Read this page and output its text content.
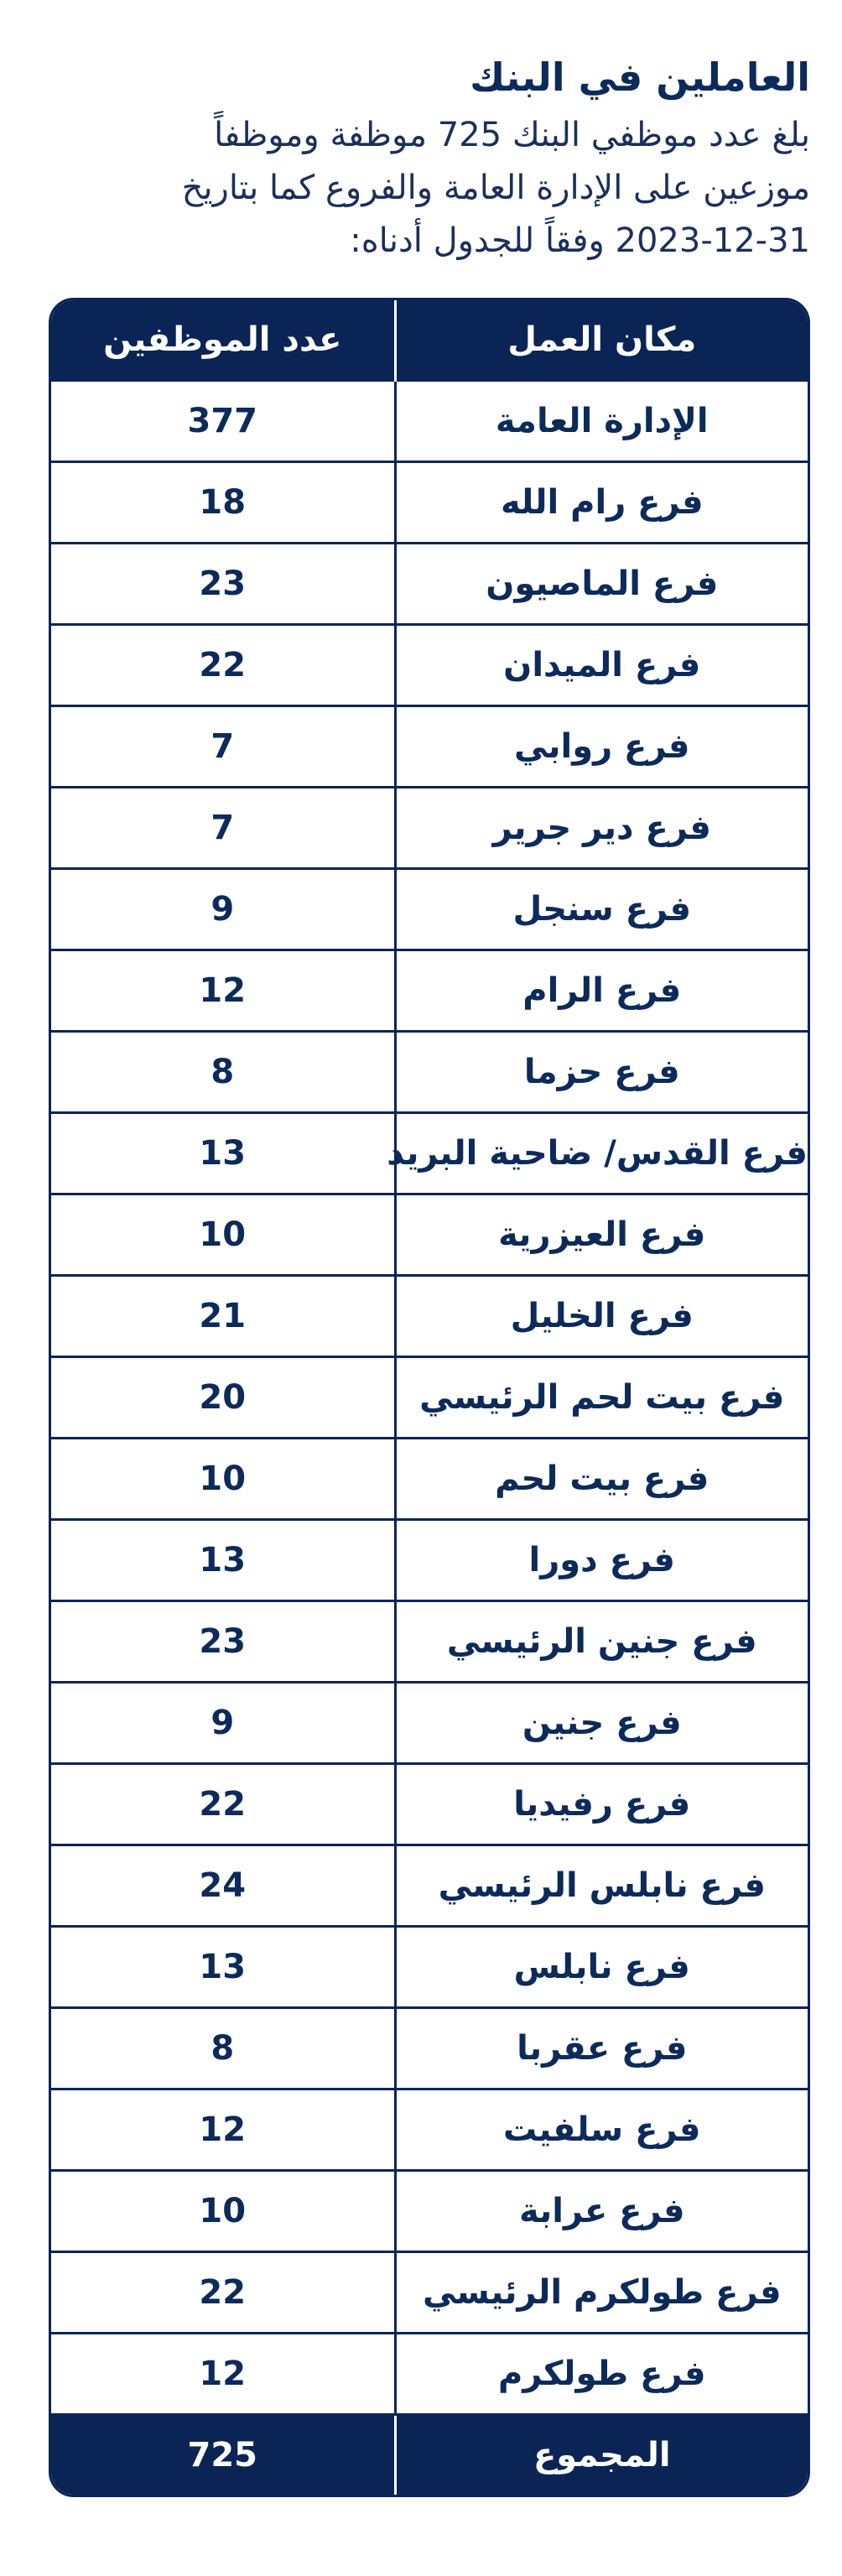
العاملين في البنك

بلغ عدد موظفي البنك 725 موظفة وموظفاً
موزعين على الإدارة العامة والفروع كما بتاريخ
2023-12-31 وفقاً للجدول أدناه:

مكان العمل	عدد الموظفين
الإدارة العامة	377
فرع رام الله	18
فرع الماصيون	23
فرع الميدان	22
فرع روابي	7
فرع دير جرير	7
فرع سنجل	9
فرع الرام	12
فرع حزما	8
فرع القدس/ ضاحية البريد	13
فرع العيزرية	10
فرع الخليل	21
فرع بيت لحم الرئيسي	20
فرع بيت لحم	10
فرع دورا	13
فرع جنين الرئيسي	23
فرع جنين	9
فرع رفيديا	22
فرع نابلس الرئيسي	24
فرع نابلس	13
فرع عقربا	8
فرع سلفيت	12
فرع عرابة	10
فرع طولكرم الرئيسي	22
فرع طولكرم	12
المجموع	725
